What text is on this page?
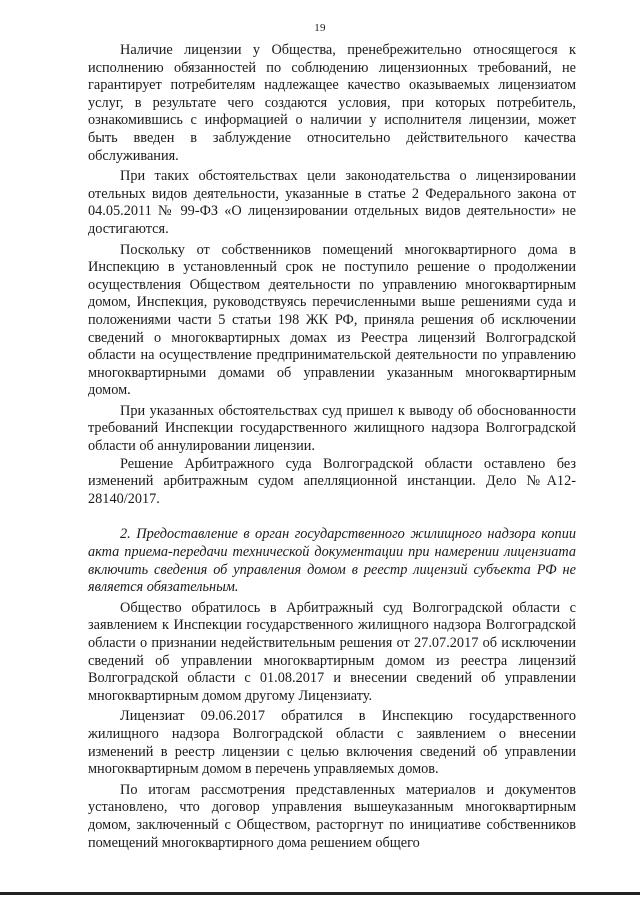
19

Наличие лицензии у Общества, пренебрежительно относящегося к исполнению обязанностей по соблюдению лицензионных требований, не гарантирует потребителям надлежащее качество оказываемых лицензиатом услуг, в результате чего создаются условия, при которых потребитель, ознакомившись с информацией о наличии у исполнителя лицензии, может быть введен в заблуждение относительно действительного качества обслуживания.

При таких обстоятельствах цели законодательства о лицензировании отельных видов деятельности, указанные в статье 2 Федерального закона от 04.05.2011 № 99-ФЗ «О лицензировании отдельных видов деятельности» не достигаются.

Поскольку от собственников помещений многоквартирного дома в Инспекцию в установленный срок не поступило решение о продолжении осуществления Обществом деятельности по управлению многоквартирным домом, Инспекция, руководствуясь перечисленными выше решениями суда и положениями части 5 статьи 198 ЖК РФ, приняла решения об исключении сведений о многоквартирных домах из Реестра лицензий Волгоградской области на осуществление предпринимательской деятельности по управлению многоквартирными домами об управлении указанным многоквартирным домом.

При указанных обстоятельствах суд пришел к выводу об обоснованности требований Инспекции государственного жилищного надзора Волгоградской области об аннулировании лицензии.

Решение Арбитражного суда Волгоградской области оставлено без изменений арбитражным судом апелляционной инстанции. Дело №А12-28140/2017.

2. Предоставление в орган государственного жилищного надзора копии акта приема-передачи технической документации при намерении лицензиата включить сведения об управления домом в реестр лицензий субъекта РФ не является обязательным.

Общество обратилось в Арбитражный суд Волгоградской области с заявлением к Инспекции государственного жилищного надзора Волгоградской области о признании недействительным решения от 27.07.2017 об исключении сведений об управлении многоквартирным домом из реестра лицензий Волгоградской области с 01.08.2017 и внесении сведений об управлении многоквартирным домом другому Лицензиату.

Лицензиат 09.06.2017 обратился в Инспекцию государственного жилищного надзора Волгоградской области с заявлением о внесении изменений в реестр лицензии с целью включения сведений об управлении многоквартирным домом в перечень управляемых домов.

По итогам рассмотрения представленных материалов и документов установлено, что договор управления вышеуказанным многоквартирным домом, заключенный с Обществом, расторгнут по инициативе собственников помещений многоквартирного дома решением общего
